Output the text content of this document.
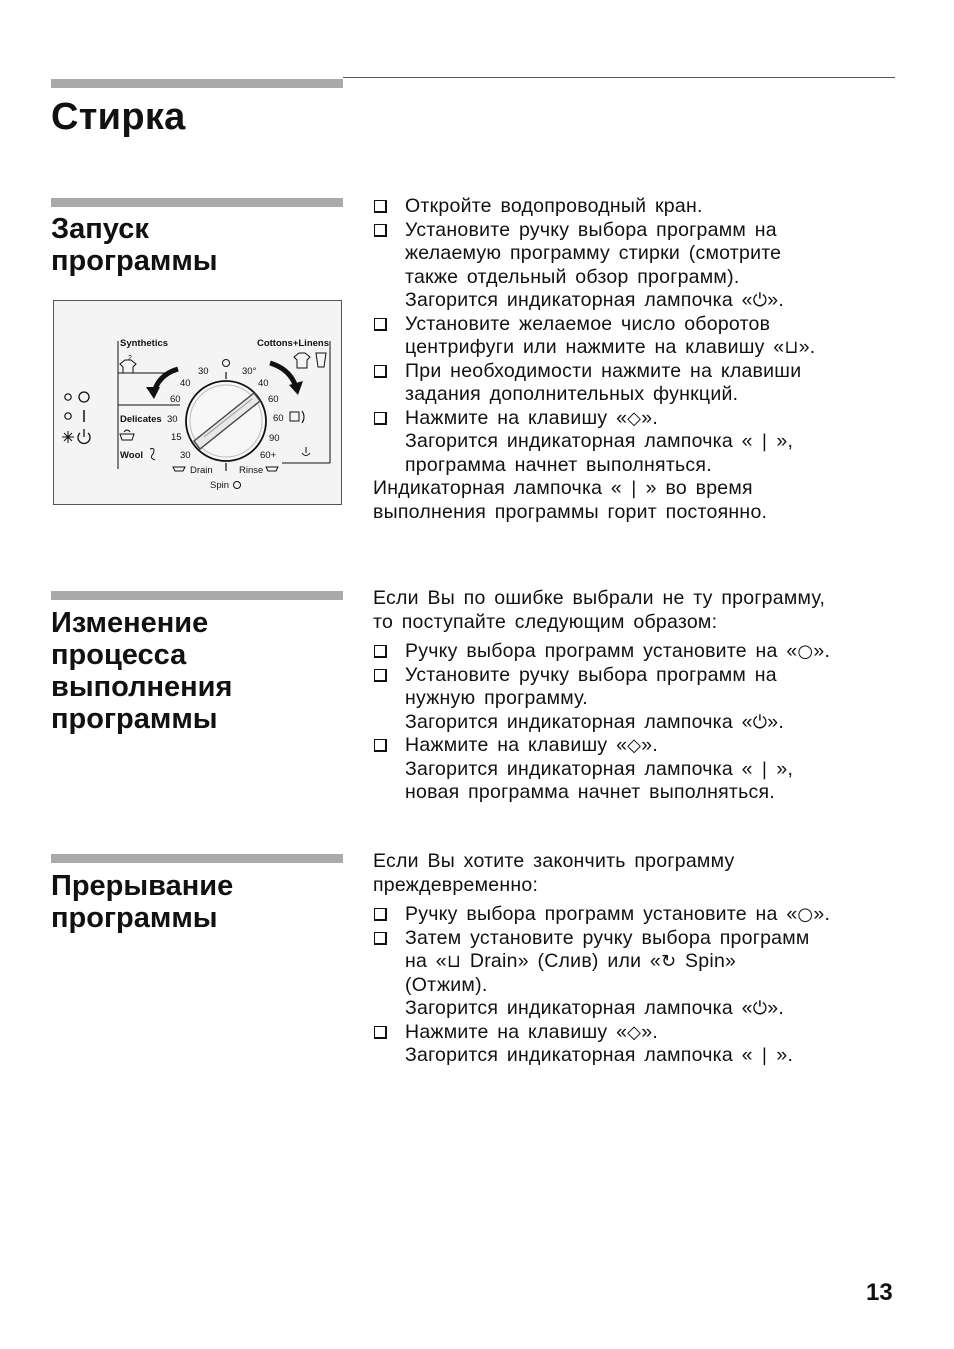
Стирка
Запуск
программы
Synthetics	Cottons+Linens
Delicates
Wool
Drain	Rinse
Spin
2
30
40
60
30°
40
60
30	60
15	90
30	60+

Откройте водопроводный кран.

Установите ручку выбора программ на
желаемую программу стирки (смотрите
также отдельный обзор программ).
Загорится индикаторная лампочка «⏻».

Установите желаемое число оборотов
центрифуги или нажмите на клавишу «⊔».

При необходимости нажмите на клавиши
задания дополнительных функций.

Нажмите на клавишу «◇».
Загорится индикаторная лампочка « | »,
программа начнет выполняться.

Индикаторная лампочка « | » во время
выполнения программы горит постоянно.

Изменение
процесса
выполнения
программы

Если Вы по ошибке выбрали не ту программу,
то поступайте следующим образом:

Ручку выбора программ установите на «○».

Установите ручку выбора программ на
нужную программу.
Загорится индикаторная лампочка «⏻».

Нажмите на клавишу «◇».
Загорится индикаторная лампочка « | »,
новая программа начнет выполняться.

Прерывание
программы

Если Вы хотите закончить программу
преждевременно:

Ручку выбора программ установите на «○».

Затем установите ручку выбора программ
на «⊔ Drain» (Слив) или «↻ Spin»
(Отжим).
Загорится индикаторная лампочка «⏻».

Нажмите на клавишу «◇».
Загорится индикаторная лампочка « | ».

13
